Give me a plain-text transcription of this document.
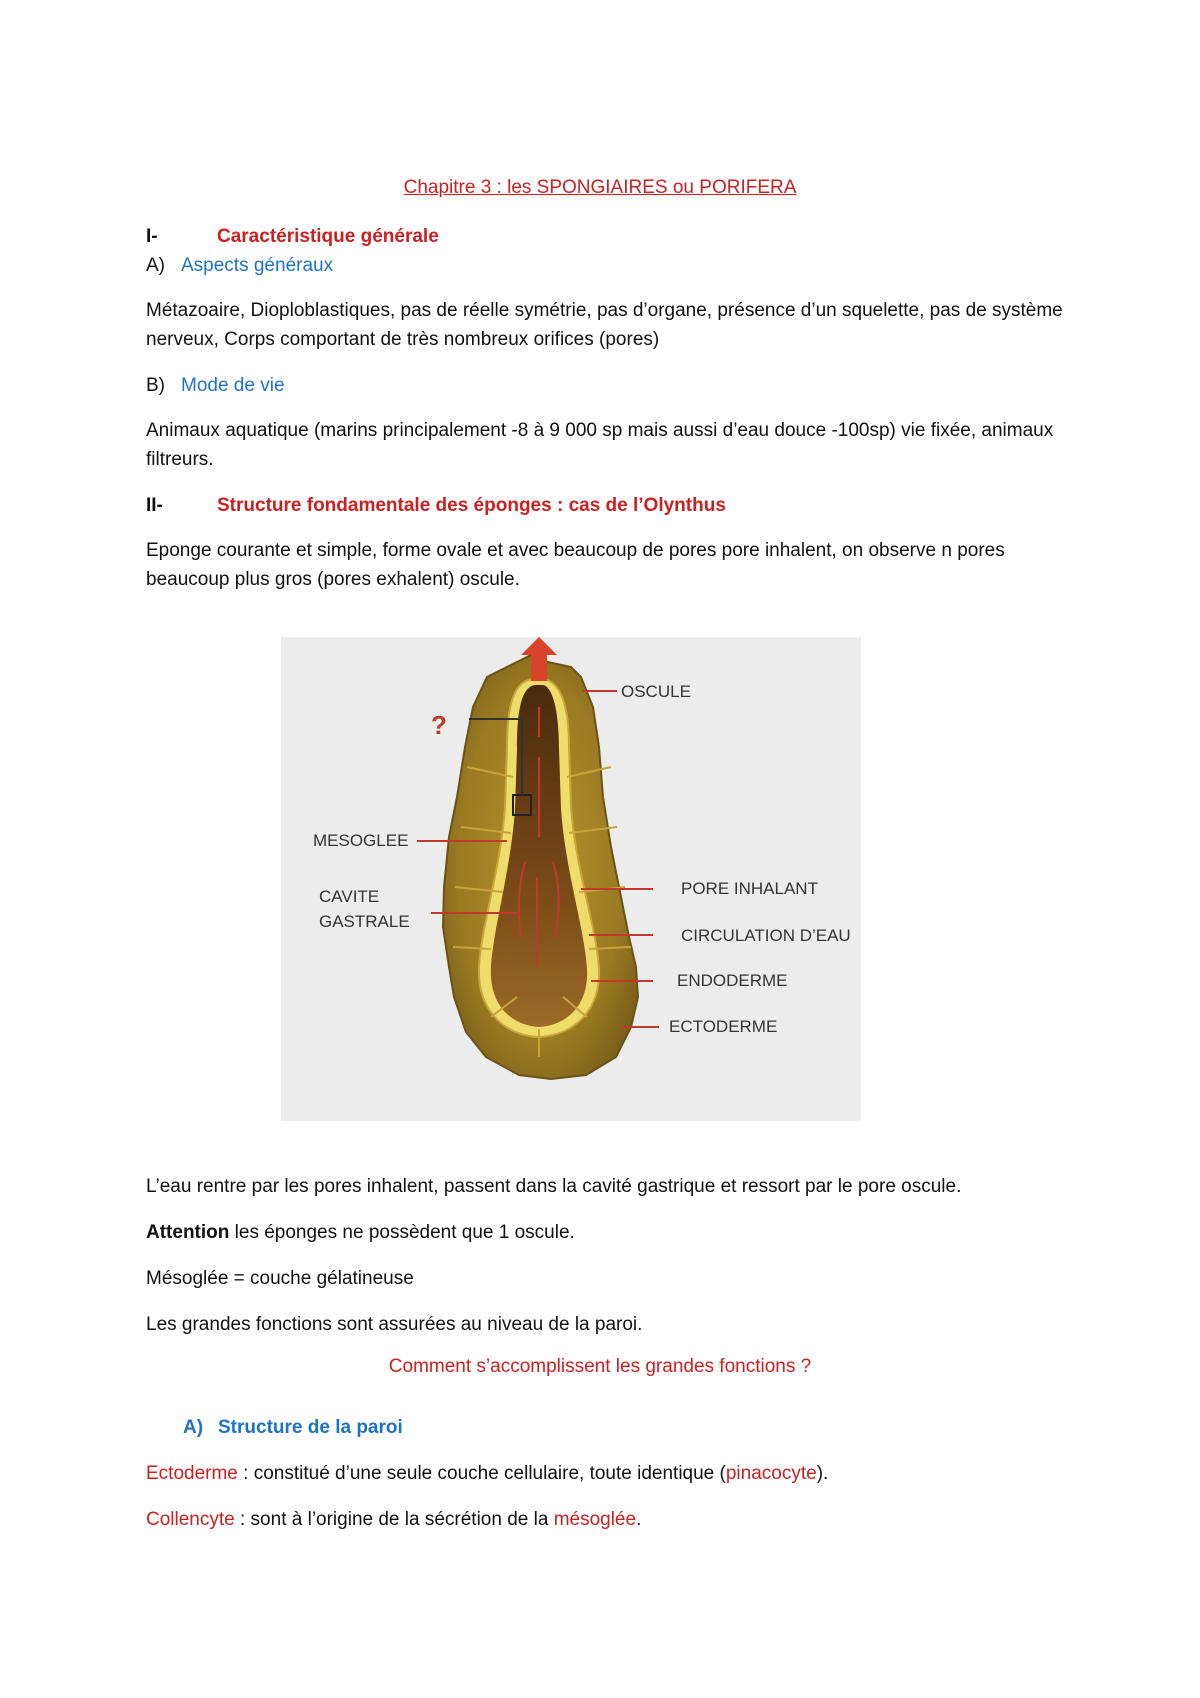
Chapitre 3 : les SPONGIAIRES ou PORIFERA

I-	Caractéristique générale

A) Aspects généraux

Métazoaire, Dioploblastiques, pas de réelle symétrie, pas d’organe, présence d’un squelette, pas de système nerveux, Corps comportant de très nombreux orifices (pores)

B) Mode de vie

Animaux aquatique (marins principalement -8 à 9 000 sp mais aussi d’eau douce -100sp) vie fixée, animaux filtreurs.

II-	Structure fondamentale des éponges : cas de l’Olynthus

Eponge courante et simple, forme ovale et avec beaucoup de pores pore inhalent, on observe n pores beaucoup plus gros (pores exhalent) oscule.

?
OSCULE
MESOGLEE
CAVITE
GASTRALE
PORE INHALANT
CIRCULATION D’EAU
ENDODERME
ECTODERME

L’eau rentre par les pores inhalent, passent dans la cavité gastrique et ressort par le pore oscule.

Attention les éponges ne possèdent que 1 oscule.

Mésoglée = couche gélatineuse

Les grandes fonctions sont assurées au niveau de la paroi.

Comment s’accomplissent les grandes fonctions ?

A) Structure de la paroi

Ectoderme : constitué d’une seule couche cellulaire, toute identique (pinacocyte).

Collencyte : sont à l’origine de la sécrétion de la mésoglée.
